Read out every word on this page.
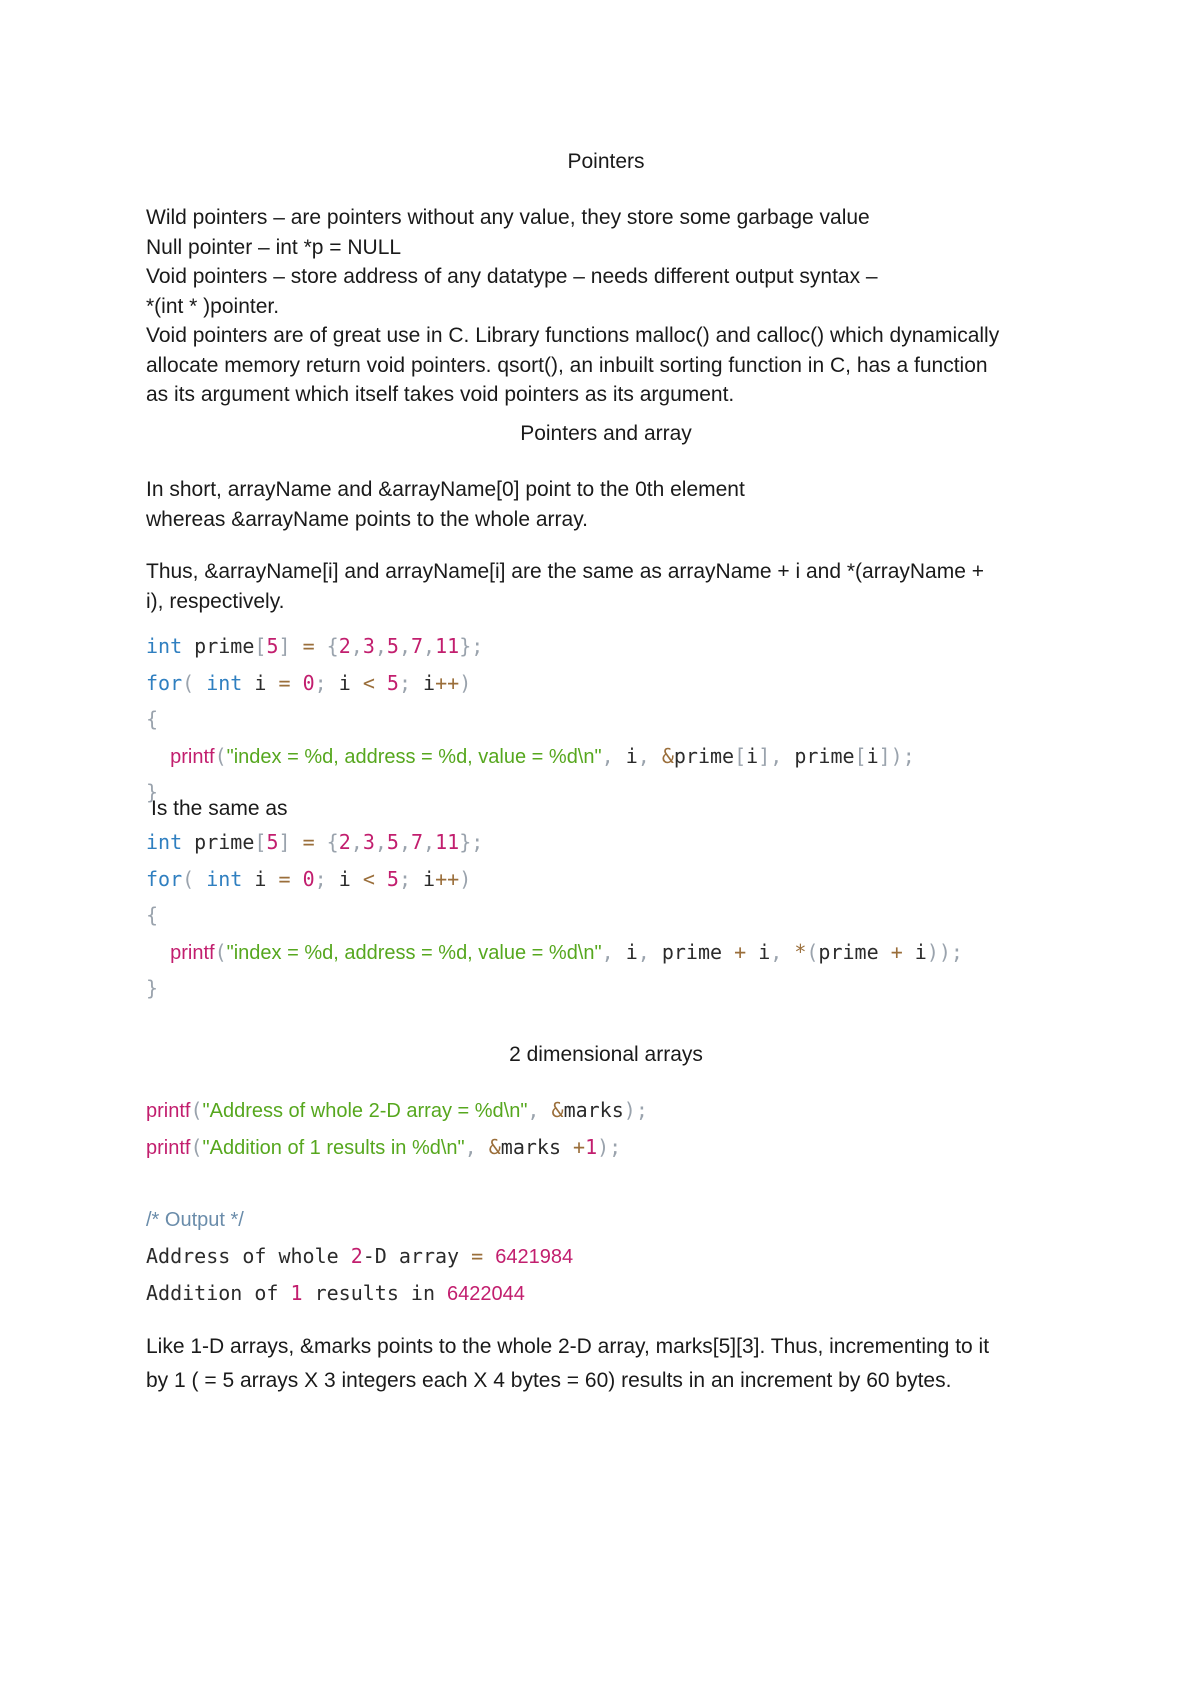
Pointers
Wild pointers – are pointers without any value, they store some garbage value
Null pointer – int *p = NULL
Void pointers – store address of any datatype – needs different output syntax –
*(int * )pointer.
Void pointers are of great use in C. Library functions malloc() and calloc() which dynamically
allocate memory return void pointers. qsort(), an inbuilt sorting function in C, has a function
as its argument which itself takes void pointers as its argument.
Pointers and array
In short, arrayName and &arrayName[0] point to the 0th element
whereas &arrayName points to the whole array.
Thus, &arrayName[i] and arrayName[i] are the same as arrayName + i and *(arrayName +
i), respectively.
int prime[5] = {2,3,5,7,11};
for( int i = 0; i < 5; i++)
{
printf("index = %d, address = %d, value = %d\n", i, &prime[i], prime[i]);
}
Is the same as
int prime[5] = {2,3,5,7,11};
for( int i = 0; i < 5; i++)
{
printf("index = %d, address = %d, value = %d\n", i, prime + i, *(prime + i));
}
2 dimensional arrays
printf("Address of whole 2-D array = %d\n", &marks);
printf("Addition of 1 results in %d\n", &marks +1);

/* Output */
Address of whole 2-D array = 6421984
Addition of 1 results in 6422044
Like 1-D arrays, &marks points to the whole 2-D array, marks[5][3]. Thus, incrementing to it
by 1 ( = 5 arrays X 3 integers each X 4 bytes = 60) results in an increment by 60 bytes.
